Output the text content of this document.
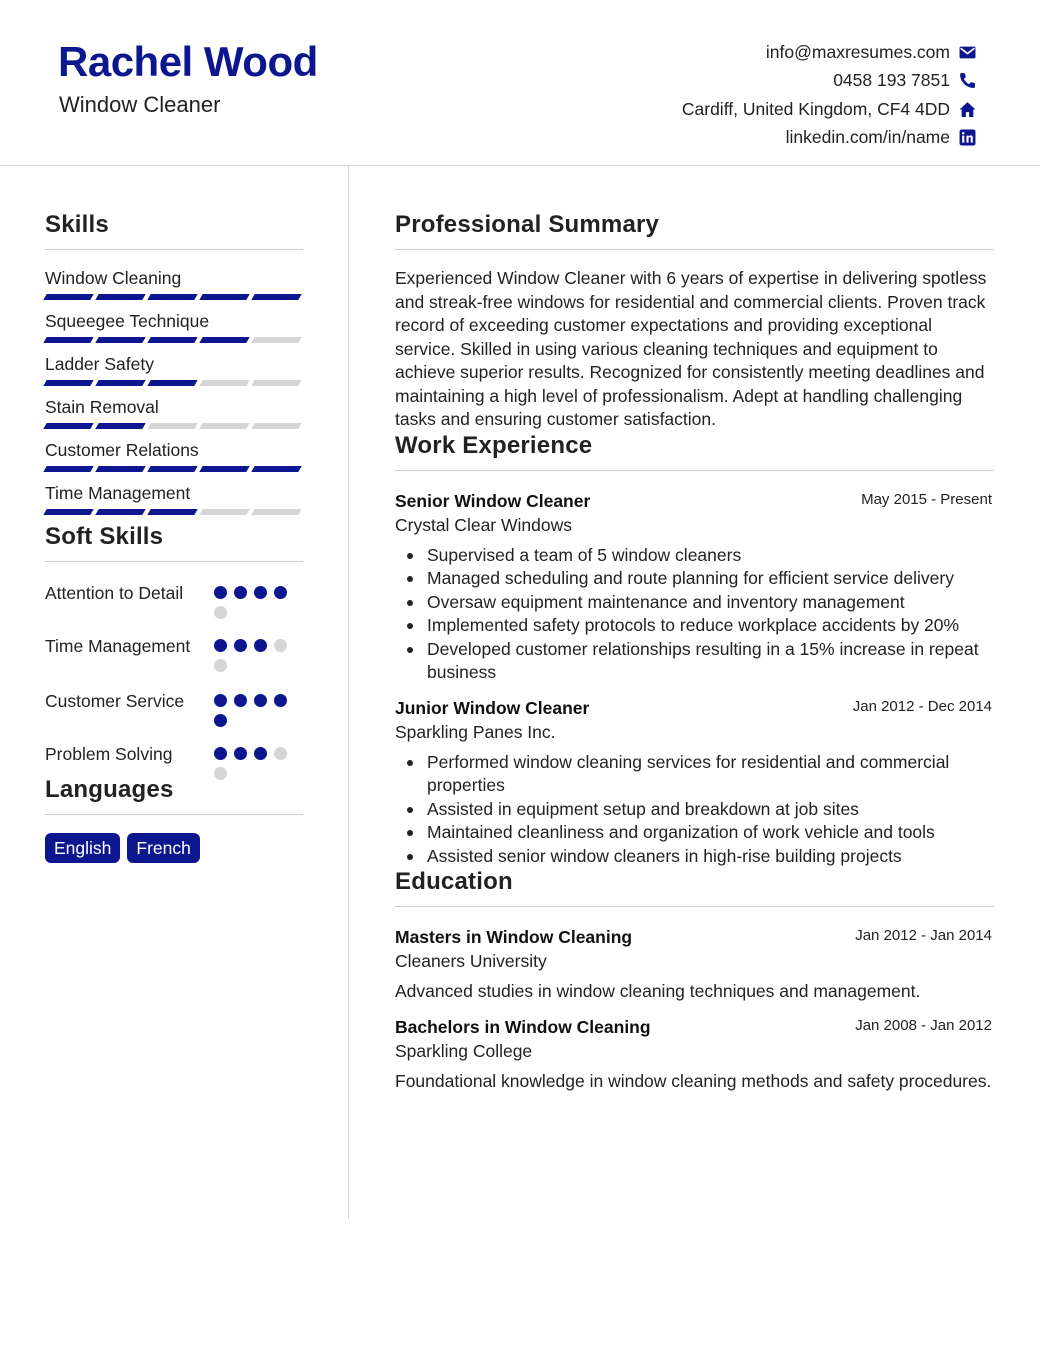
Rachel Wood
Window Cleaner
info@maxresumes.com
0458 193 7851
Cardiff, United Kingdom, CF4 4DD
linkedin.com/in/name
Skills
Window Cleaning
Squeegee Technique
Ladder Safety
Stain Removal
Customer Relations
Time Management
Soft Skills
Attention to Detail
Time Management
Customer Service
Problem Solving
Languages
English	French
Professional Summary

Experienced Window Cleaner with 6 years of expertise in delivering spotless and streak-free windows for residential and commercial clients. Proven track record of exceeding customer expectations and providing exceptional service. Skilled in using various cleaning techniques and equipment to achieve superior results. Recognized for consistently meeting deadlines and maintaining a high level of professionalism. Adept at handling challenging tasks and ensuring customer satisfaction.

Work Experience
Senior Window Cleaner	May 2015 - Present
Crystal Clear Windows
Supervised a team of 5 window cleaners
Managed scheduling and route planning for efficient service delivery
Oversaw equipment maintenance and inventory management
Implemented safety protocols to reduce workplace accidents by 20%
Developed customer relationships resulting in a 15% increase in repeat business
Junior Window Cleaner	Jan 2012 - Dec 2014
Sparkling Panes Inc.
Performed window cleaning services for residential and commercial properties
Assisted in equipment setup and breakdown at job sites
Maintained cleanliness and organization of work vehicle and tools
Assisted senior window cleaners in high-rise building projects
Education
Masters in Window Cleaning	Jan 2012 - Jan 2014
Cleaners University

Advanced studies in window cleaning techniques and management.

Bachelors in Window Cleaning	Jan 2008 - Jan 2012
Sparkling College

Foundational knowledge in window cleaning methods and safety procedures.
